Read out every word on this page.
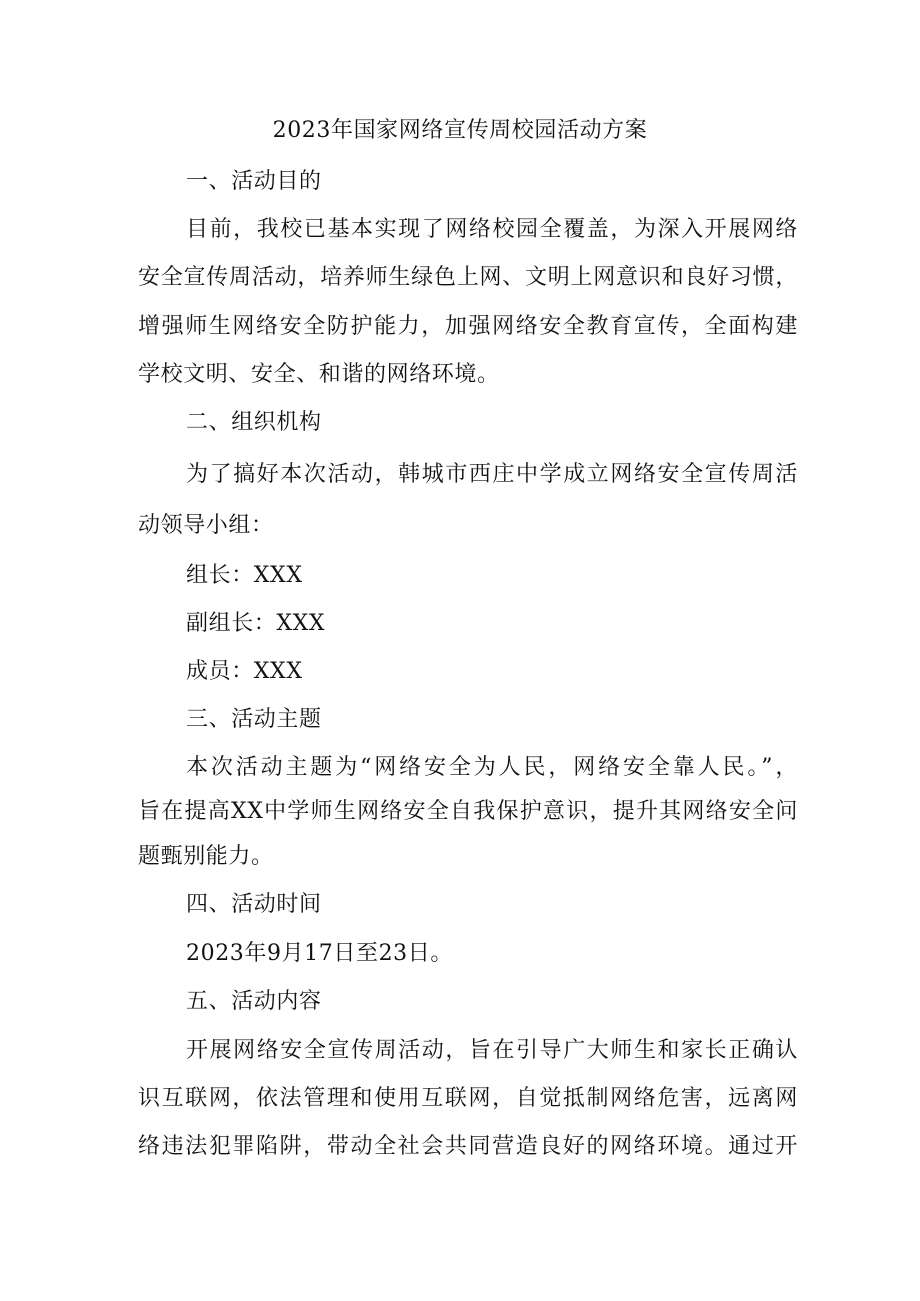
2023年国家网络宣传周校园活动方案
一、活动目的
目前，我校已基本实现了网络校园全覆盖，为深入开展网络
安全宣传周活动，培养师生绿色上网、文明上网意识和良好习惯，
增强师生网络安全防护能力，加强网络安全教育宣传，全面构建
学校文明、安全、和谐的网络环境。
二、组织机构
为了搞好本次活动，韩城市西庄中学成立网络安全宣传周活
动领导小组：
组长：XXX
副组长：XXX
成员：XXX
三、活动主题
本次活动主题为“网络安全为人民，网络安全靠人民。”，
旨在提高XX中学师生网络安全自我保护意识，提升其网络安全问
题甄别能力。
四、活动时间
2023年9月17日至23日。
五、活动内容
开展网络安全宣传周活动，旨在引导广大师生和家长正确认
识互联网，依法管理和使用互联网，自觉抵制网络危害，远离网
络违法犯罪陷阱，带动全社会共同营造良好的网络环境。通过开
